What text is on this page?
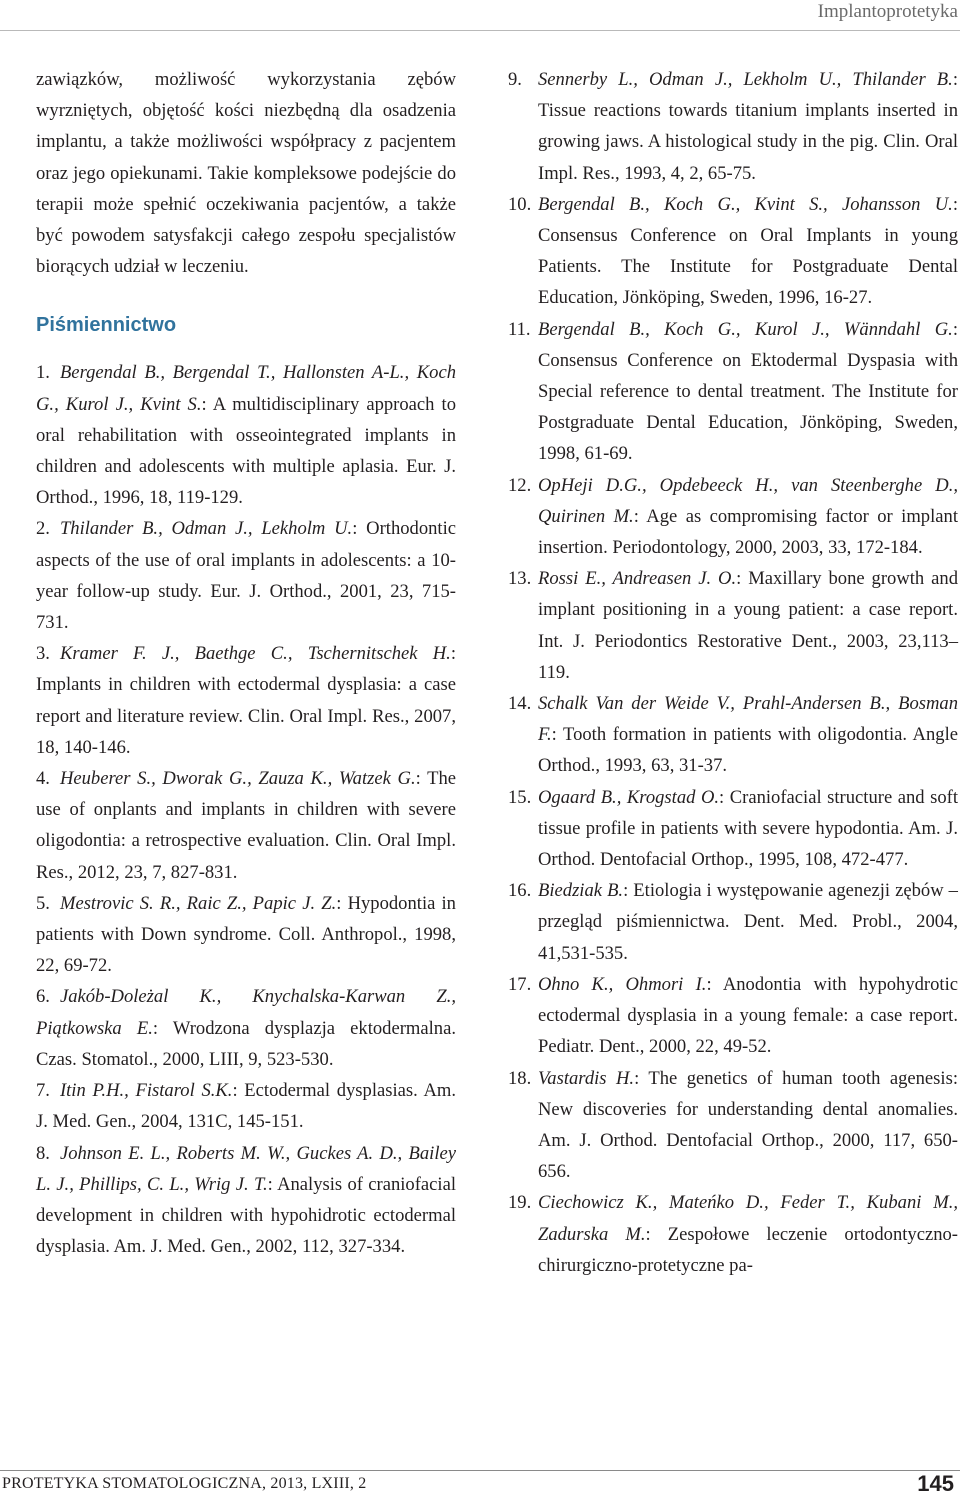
Implantoprotetyka

zawiązków, możliwość wykorzystania zębów wyrzniętych, objętość kości niezbędną dla osadzenia implantu, a także możliwości współpracy z pacjentem oraz jego opiekunami. Takie kompleksowe podejście do terapii może spełnić oczekiwania pacjentów, a także być powodem satysfakcji całego zespołu specjalistów biorących udział w leczeniu.

Piśmiennictwo
1. Bergendal B., Bergendal T., Hallonsten A-L., Koch G., Kurol J., Kvint S.: A multidisciplinary approach to oral rehabilitation with osseointegrated implants in children and adolescents with multiple aplasia. Eur. J. Orthod., 1996, 18, 119-129.
2. Thilander B., Odman J., Lekholm U.: Orthodontic aspects of the use of oral implants in adolescents: a 10-year follow-up study. Eur. J. Orthod., 2001, 23, 715-731.
3. Kramer F. J., Baethge C., Tschernitschek H.: Implants in children with ectodermal dysplasia: a case report and literature review. Clin. Oral Impl. Res., 2007, 18, 140-146.
4. Heuberer S., Dworak G., Zauza K., Watzek G.: The use of onplants and implants in children with severe oligodontia: a retrospective evaluation. Clin. Oral Impl. Res., 2012, 23, 7, 827-831.
5. Mestrovic S. R., Raic Z., Papic J. Z.: Hypodontia in patients with Down syndrome. Coll. Anthropol., 1998, 22, 69-72.
6. Jakób-Doleżal K., Knychalska-Karwan Z., Piątkowska E.: Wrodzona dysplazja ektodermalna. Czas. Stomatol., 2000, LIII, 9, 523-530.
7. Itin P.H., Fistarol S.K.: Ectodermal dysplasias. Am. J. Med. Gen., 2004, 131C, 145-151.
8. Johnson E. L., Roberts M. W., Guckes A. D., Bailey L. J., Phillips, C. L., Wrig J. T.: Analysis of craniofacial development in children with hypohidrotic ectodermal dysplasia. Am. J. Med. Gen., 2002, 112, 327-334.
9. Sennerby L., Odman J., Lekholm U., Thilander B.: Tissue reactions towards titanium implants inserted in growing jaws. A histological study in the pig. Clin. Oral Impl. Res., 1993, 4, 2, 65-75.
10. Bergendal B., Koch G., Kvint S., Johansson U.: Consensus Conference on Oral Implants in young Patients. The Institute for Postgraduate Dental Education, Jönköping, Sweden, 1996, 16-27.
11. Bergendal B., Koch G., Kurol J., Wänndahl G.: Consensus Conference on Ektodermal Dyspasia with Special reference to dental treatment. The Institute for Postgraduate Dental Education, Jönköping, Sweden, 1998, 61-69.
12. OpHeji D.G., Opdebeeck H., van Steenberghe D., Quirinen M.: Age as compromising factor or implant insertion. Periodontology, 2000, 2003, 33, 172-184.
13. Rossi E., Andreasen J. O.: Maxillary bone growth and implant positioning in a young patient: a case report. Int. J. Periodontics Restorative Dent., 2003, 23,113–119.
14. Schalk Van der Weide V., Prahl-Andersen B., Bosman F.: Tooth formation in patients with oligodontia. Angle Orthod., 1993, 63, 31-37.
15. Ogaard B., Krogstad O.: Craniofacial structure and soft tissue profile in patients with severe hypodontia. Am. J. Orthod. Dentofacial Orthop., 1995, 108, 472-477.
16. Biedziak B.: Etiologia i występowanie agenezji zębów – przegląd piśmiennictwa. Dent. Med. Probl., 2004, 41,531-535.
17. Ohno K., Ohmori I.: Anodontia with hypohydrotic ectodermal dysplasia in a young female: a case report. Pediatr. Dent., 2000, 22, 49-52.
18. Vastardis H.: The genetics of human tooth agenesis: New discoveries for understanding dental anomalies. Am. J. Orthod. Dentofacial Orthop., 2000, 117, 650-656.
19. Ciechowicz K., Mateńko D., Feder T., Kubani M., Zadurska M.: Zespołowe leczenie ortodontyczno-chirurgiczno-protetyczne pa-
PROTETYKA STOMATOLOGICZNA, 2013, LXIII, 2	145
